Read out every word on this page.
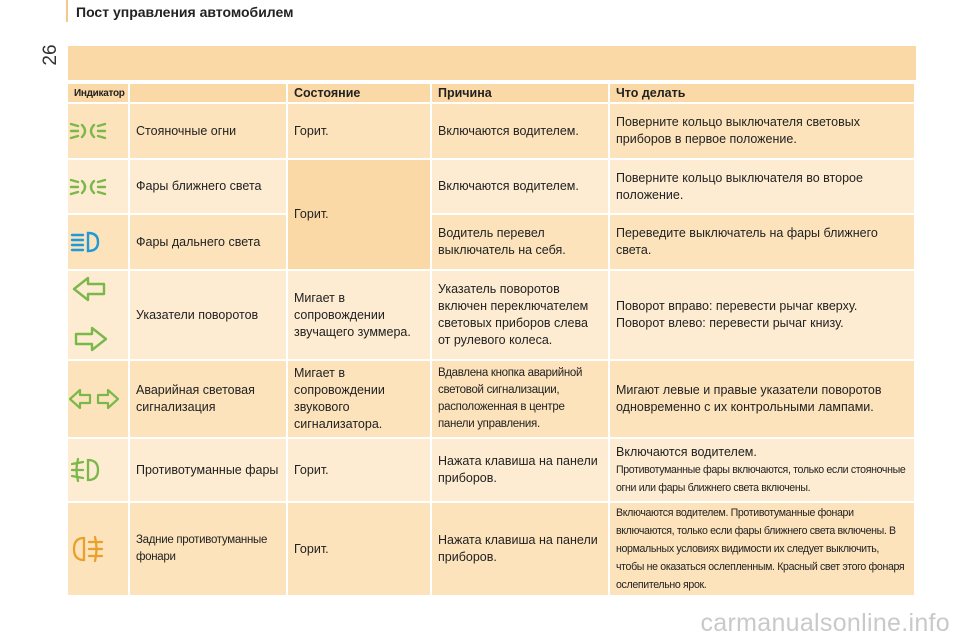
26
Пост управления автомобилем
Индикатор		Состояние	Причина	Что делать
	Стояночные огни	Горит.	Включаются водителем.	Поверните кольцо выключателя световых приборов в первое положение.
	Фары ближнего света	Горит.	Включаются водителем.	Поверните кольцо выключателя во второе положение.
	Фары дальнего света		Водитель перевел выключатель на себя.	Переведите выключатель на фары ближнего света.
	Указатели поворотов	Мигает в сопровождении звучащего зуммера.	Указатель поворотов включен переключателем световых приборов слева от рулевого колеса.	Поворот вправо: перевести рычаг кверху. Поворот влево: перевести рычаг книзу.
	Аварийная световая сигнализация	Мигает в сопровождении звукового сигнализатора.	Вдавлена кнопка аварийной световой сигнализации, расположенная в центре панели управления.	Мигают левые и правые указатели поворотов одновременно с их контрольными лампами.
	Противотуманные фары	Горит.	Нажата клавиша на панели приборов.	Включаются водителем.
Противотуманные фары включаются, только если стояночные огни или фары ближнего света включены.

	Задние противотуманные фонари	Горит.	Нажата клавиша на панели приборов.	Включаются водителем. Противотуманные фонари включаются, только если фары ближнего света включены. В нормальных условиях видимости их следует выключить, чтобы не оказаться ослепленным. Красный свет этого фонаря ослепительно ярок.
carmanualsonline.info
